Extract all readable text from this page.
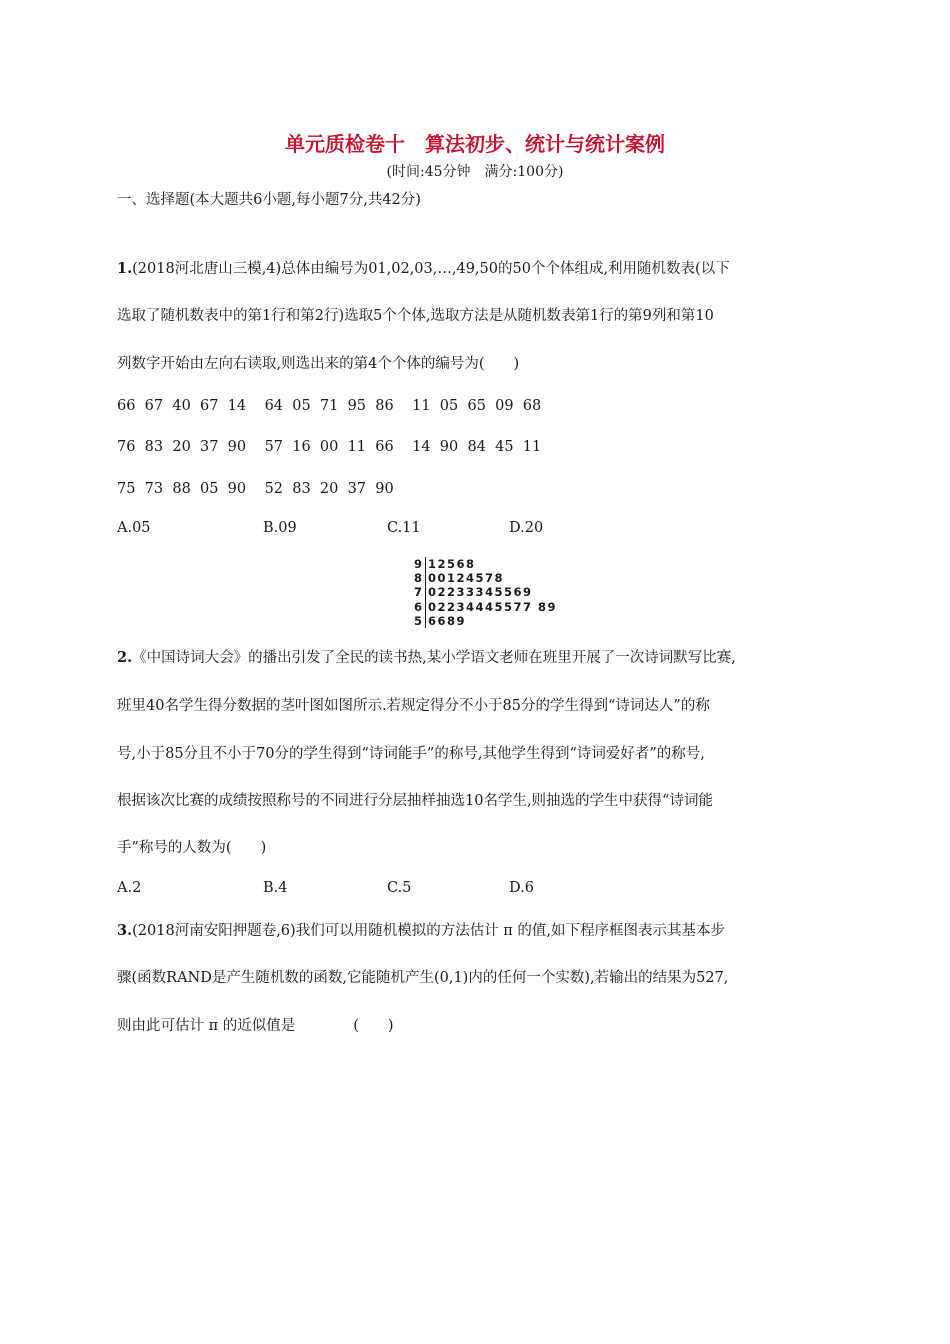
单元质检卷十　算法初步、统计与统计案例
(时间:45分钟　满分:100分)
一、选择题(本大题共6小题,每小题7分,共42分)
1.(2018河北唐山三模,4)总体由编号为01,02,03,…,49,50的50个个体组成,利用随机数表(以下
选取了随机数表中的第1行和第2行)选取5个个体,选取方法是从随机数表第1行的第9列和第10
列数字开始由左向右读取,则选出来的第4个个体的编号为(　　)
66  67  40  67  14    64  05  71  95  86    11  05  65  09  68
76  83  20  37  90    57  16  00  11  66    14  90  84  45  11
75  73  88  05  90    52  83  20  37  90
A.05	B.09	C.11	D.20
9 12568
8 00124578
7 02233345569
6 02234445577 89
5 6689
2.《中国诗词大会》的播出引发了全民的读书热,某小学语文老师在班里开展了一次诗词默写比赛,
班里40名学生得分数据的茎叶图如图所示.若规定得分不小于85分的学生得到“诗词达人”的称
号,小于85分且不小于70分的学生得到“诗词能手”的称号,其他学生得到“诗词爱好者”的称号,
根据该次比赛的成绩按照称号的不同进行分层抽样抽选10名学生,则抽选的学生中获得“诗词能
手”称号的人数为(　　)
A.2	B.4	C.5	D.6
3.(2018河南安阳押题卷,6)我们可以用随机模拟的方法估计 π 的值,如下程序框图表示其基本步
骤(函数RAND是产生随机数的函数,它能随机产生(0,1)内的任何一个实数),若输出的结果为527,
则由此可估计 π 的近似值是　　　　(　　)
